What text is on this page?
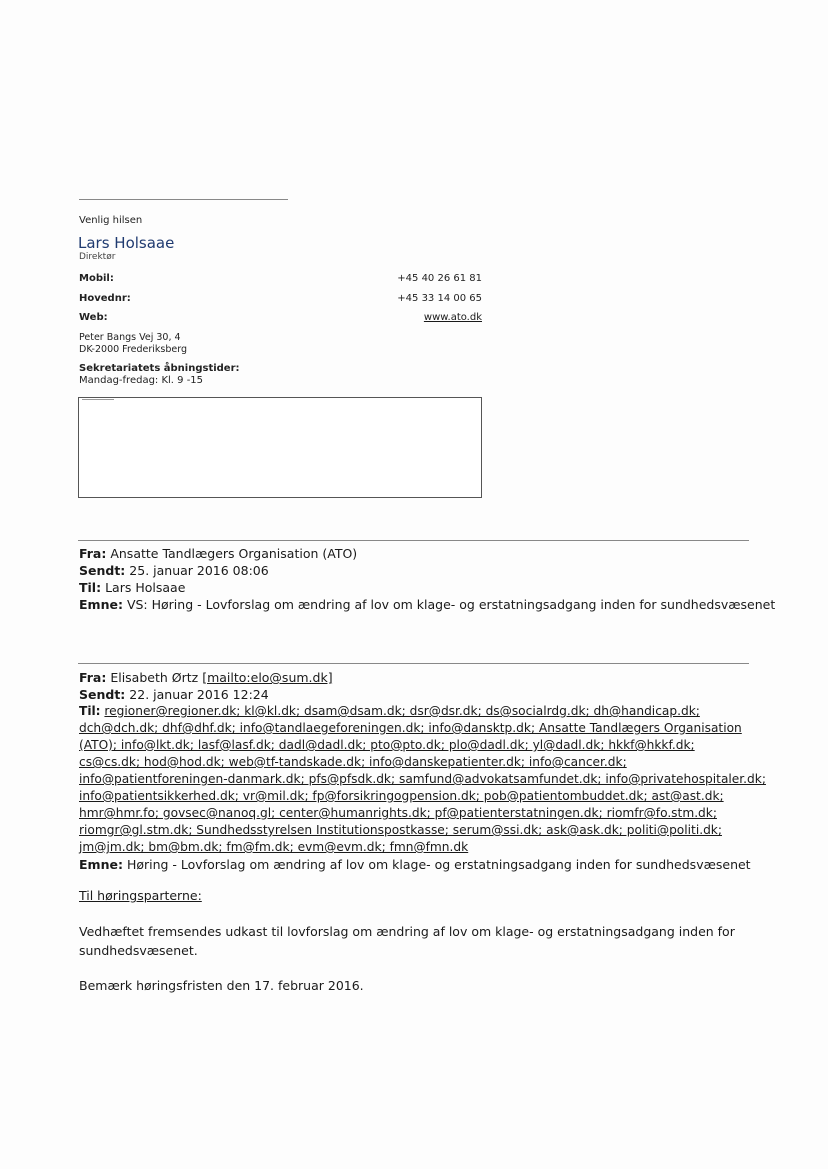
Venlig hilsen
Lars Holsaae
Direktør
Mobil:	+45 40 26 61 81
Hovednr:	+45 33 14 00 65
Web:	www.ato.dk
Peter Bangs Vej 30, 4
DK-2000 Frederiksberg
Sekretariatets åbningstider:
Mandag-fredag: Kl. 9 -15
Fra: Ansatte Tandlægers Organisation (ATO)
Sendt: 25. januar 2016 08:06
Til: Lars Holsaae
Emne: VS: Høring - Lovforslag om ændring af lov om klage- og erstatningsadgang inden for sundhedsvæsenet
Fra: Elisabeth Ørtz [mailto:elo@sum.dk]
Sendt: 22. januar 2016 12:24
Til: regioner@regioner.dk; kl@kl.dk; dsam@dsam.dk; dsr@dsr.dk; ds@socialrdg.dk; dh@handicap.dk;
dch@dch.dk; dhf@dhf.dk; info@tandlaegeforeningen.dk; info@dansktp.dk; Ansatte Tandlægers Organisation
(ATO); info@lkt.dk; lasf@lasf.dk; dadl@dadl.dk; pto@pto.dk; plo@dadl.dk; yl@dadl.dk; hkkf@hkkf.dk;
cs@cs.dk; hod@hod.dk; web@tf-tandskade.dk; info@danskepatienter.dk; info@cancer.dk;
info@patientforeningen-danmark.dk; pfs@pfsdk.dk; samfund@advokatsamfundet.dk; info@privatehospitaler.dk;
info@patientsikkerhed.dk; vr@mil.dk; fp@forsikringogpension.dk; pob@patientombuddet.dk; ast@ast.dk;
hmr@hmr.fo; govsec@nanoq.gl; center@humanrights.dk; pf@patienterstatningen.dk; riomfr@fo.stm.dk;
riomgr@gl.stm.dk; Sundhedsstyrelsen Institutionspostkasse; serum@ssi.dk; ask@ask.dk; politi@politi.dk;
jm@jm.dk; bm@bm.dk; fm@fm.dk; evm@evm.dk; fmn@fmn.dk
Emne: Høring - Lovforslag om ændring af lov om klage- og erstatningsadgang inden for sundhedsvæsenet
Til høringsparterne:
Vedhæftet fremsendes udkast til lovforslag om ændring af lov om klage- og erstatningsadgang inden for
sundhedsvæsenet.
Bemærk høringsfristen den 17. februar 2016.
